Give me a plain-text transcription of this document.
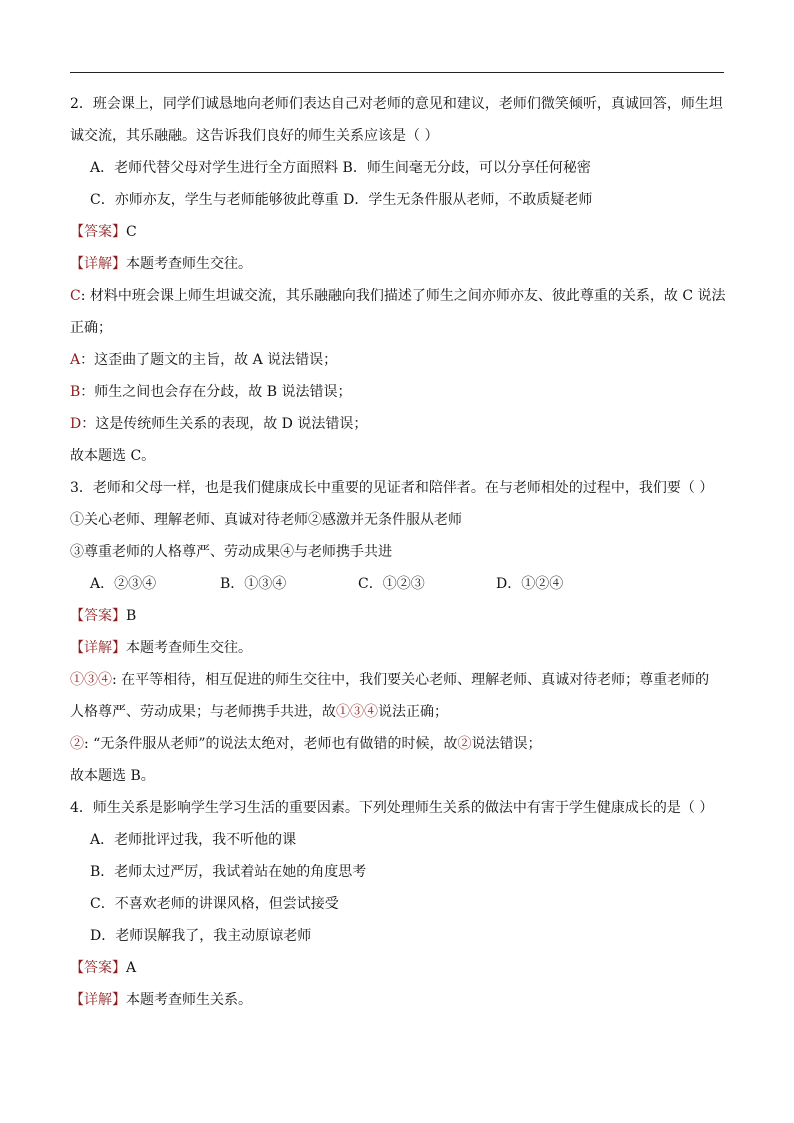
2．班会课上，同学们诚恳地向老师们表达自己对老师的意见和建议，老师们微笑倾听，真诚回答，师生坦
诚交流，其乐融融。这告诉我们良好的师生关系应该是（ ）
A．老师代替父母对学生进行全方面照料 B．师生间毫无分歧，可以分享任何秘密
C．亦师亦友，学生与老师能够彼此尊重 D．学生无条件服从老师，不敢质疑老师
【答案】C
【详解】本题考查师生交往。
C: 材料中班会课上师生坦诚交流，其乐融融向我们描述了师生之间亦师亦友、彼此尊重的关系，故 C 说法
正确；
A：这歪曲了题文的主旨，故 A 说法错误；
B：师生之间也会存在分歧，故 B 说法错误；
D：这是传统师生关系的表现，故 D 说法错误；
故本题选 C。
3．老师和父母一样，也是我们健康成长中重要的见证者和陪伴者。在与老师相处的过程中，我们要（ ）
①关心老师、理解老师、真诚对待老师②感激并无条件服从老师
③尊重老师的人格尊严、劳动成果④与老师携手共进
A．②③④	B．①③④	C．①②③	D．①②④
【答案】B
【详解】本题考查师生交往。
①③④: 在平等相待，相互促进的师生交往中，我们要关心老师、理解老师、真诚对待老师；尊重老师的
人格尊严、劳动成果；与老师携手共进，故①③④说法正确；
②: “无条件服从老师”的说法太绝对，老师也有做错的时候，故②说法错误；
故本题选 B。
4．师生关系是影响学生学习生活的重要因素。下列处理师生关系的做法中有害于学生健康成长的是（ ）
A．老师批评过我，我不听他的课
B．老师太过严厉，我试着站在她的角度思考
C．不喜欢老师的讲课风格，但尝试接受
D．老师误解我了，我主动原谅老师
【答案】A
【详解】本题考查师生关系。
